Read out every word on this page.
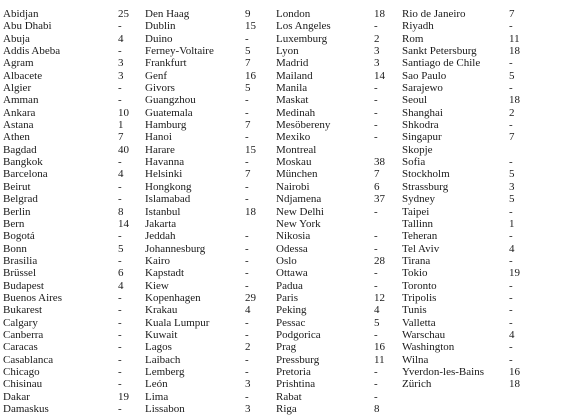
Abidjan	25
Abu Dhabi	-
Abuja	4
Addis Abeba	-
Agram	3
Albacete	3
Algier	-
Amman	-
Ankara	10
Astana	1
Athen	7
Bagdad	40
Bangkok	-
Barcelona	4
Beirut	-
Belgrad	-
Berlin	8
Bern	14
Bogotá	-
Bonn	5
Brasilia	-
Brüssel	6
Budapest	4
Buenos Aires	-
Bukarest	-
Calgary	-
Canberra	-
Caracas	-
Casablanca	-
Chicago	-
Chisinau	-
Dakar	19
Damaskus	-
Den Haag	9
Dublin	15
Duino	-
Ferney-Voltaire	5
Frankfurt	7
Genf	16
Givors	5
Guangzhou	-
Guatemala	-
Hamburg	7
Hanoi	-
Harare	15
Havanna	-
Helsinki	7
Hongkong	-
Islamabad	-
Istanbul	18
Jakarta
Jeddah	-
Johannesburg	-
Kairo	-
Kapstadt	-
Kiew	-
Kopenhagen	29
Krakau	4
Kuala Lumpur	-
Kuwait	-
Lagos	2
Laibach	-
Lemberg	-
León	3
Lima	-
Lissabon	3
London	18
Los Angeles	-
Luxemburg	2
Lyon	3
Madrid	3
Mailand	14
Manila	-
Maskat	-
Medinah	-
Mesöbereny	-
Mexiko	-
Montreal
Moskau	38
München	7
Nairobi	6
Ndjamena	37
New Delhi	-
New York
Nikosia	-
Odessa	-
Oslo	28
Ottawa	-
Padua	-
Paris	12
Peking	4
Pessac	5
Podgorica	-
Prag	16
Pressburg	11
Pretoria	-
Prishtina	-
Rabat	-
Riga	8
Rio de Janeiro	7
Riyadh	-
Rom	11
Sankt Petersburg	18
Santiago de Chile	-
Sao Paulo	5
Sarajewo	-
Seoul	18
Shanghai	2
Shkodra	-
Singapur	7
Skopje
Sofia	-
Stockholm	5
Strassburg	3
Sydney	5
Taipei	-
Tallinn	1
Teheran	-
Tel Aviv	4
Tirana	-
Tokio	19
Toronto	-
Tripolis	-
Tunis	-
Valletta	-
Warschau	4
Washington	-
Wilna	-
Yverdon-les-Bains 16
Zürich	18
